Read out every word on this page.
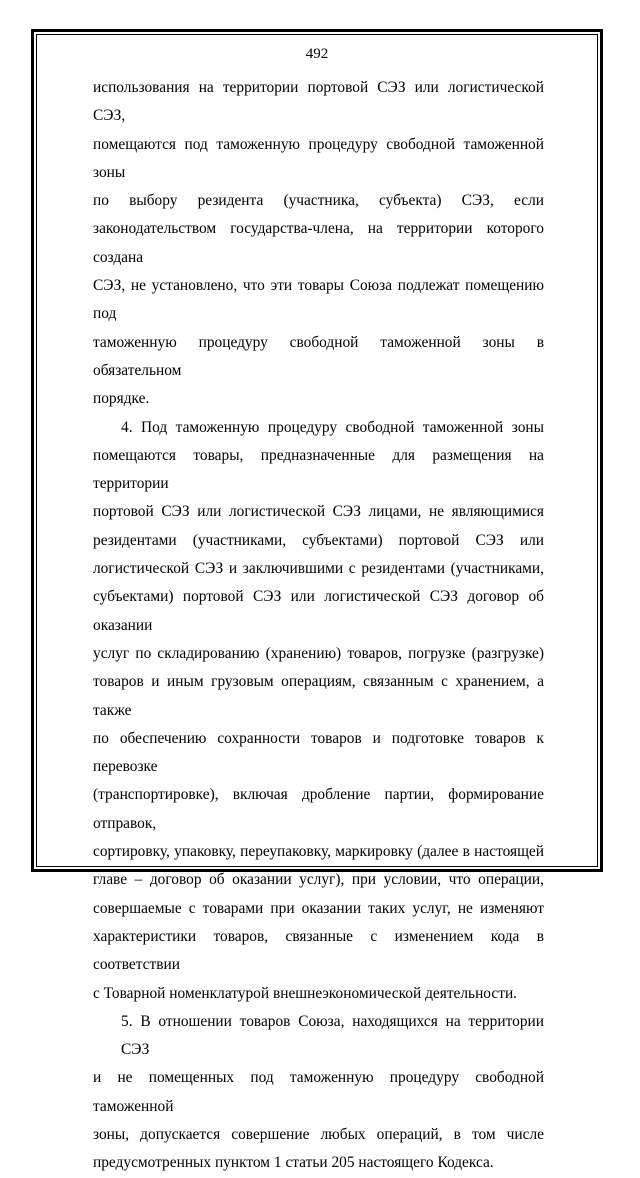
492
использования на территории портовой СЭЗ или логистической СЭЗ,
помещаются под таможенную процедуру свободной таможенной зоны
по выбору резидента (участника, субъекта) СЭЗ, если
законодательством государства-члена, на территории которого создана
СЭЗ, не установлено, что эти товары Союза подлежат помещению под
таможенную процедуру свободной таможенной зоны в обязательном
порядке.
4. Под таможенную процедуру свободной таможенной зоны
помещаются товары, предназначенные для размещения на территории
портовой СЭЗ или логистической СЭЗ лицами, не являющимися
резидентами (участниками, субъектами) портовой СЭЗ или
логистической СЭЗ и заключившими с резидентами (участниками,
субъектами) портовой СЭЗ или логистической СЭЗ договор об оказании
услуг по складированию (хранению) товаров, погрузке (разгрузке)
товаров и иным грузовым операциям, связанным с хранением, а также
по обеспечению сохранности товаров и подготовке товаров к перевозке
(транспортировке), включая дробление партии, формирование отправок,
сортировку, упаковку, переупаковку, маркировку (далее в настоящей
главе – договор об оказании услуг), при условии, что операции,
совершаемые с товарами при оказании таких услуг, не изменяют
характеристики товаров, связанные с изменением кода в соответствии
с Товарной номенклатурой внешнеэкономической деятельности.
5. В отношении товаров Союза, находящихся на территории СЭЗ
и не помещенных под таможенную процедуру свободной таможенной
зоны, допускается совершение любых операций, в том числе
предусмотренных пунктом 1 статьи 205 настоящего Кодекса.
